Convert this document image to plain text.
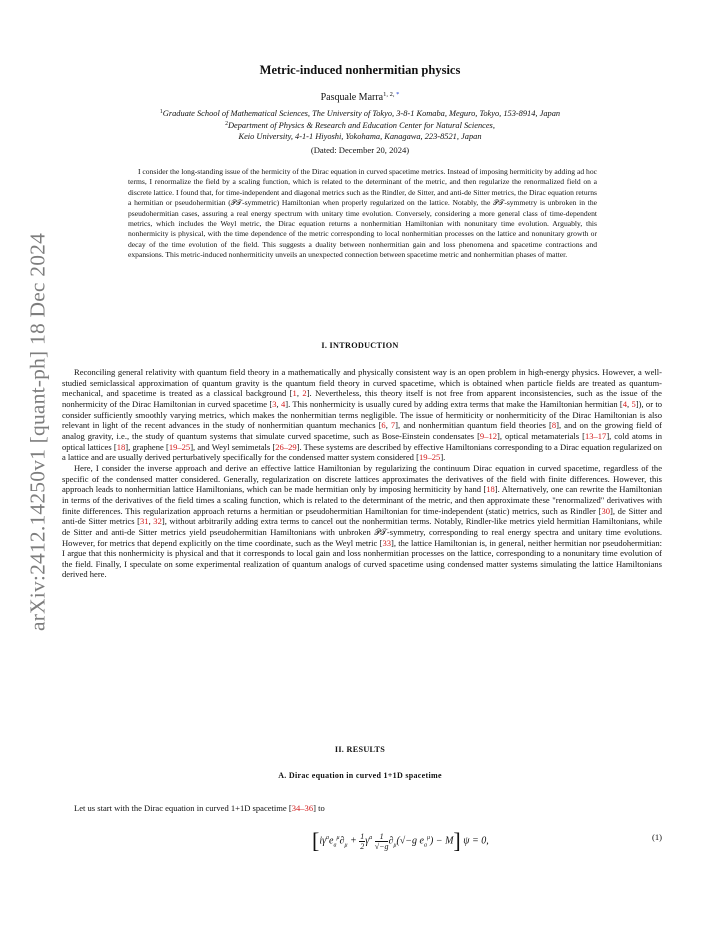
arXiv:2412.14250v1 [quant-ph] 18 Dec 2024
Metric-induced nonhermitian physics
Pasquale Marra$^{1, 2, *}$
$^1$Graduate School of Mathematical Sciences, The University of Tokyo, 3-8-1 Komaba, Meguro, Tokyo, 153-8914, Japan
$^2$Department of Physics & Research and Education Center for Natural Sciences,
Keio University, 4-1-1 Hiyoshi, Yokohama, Kanagawa, 223-8521, Japan
(Dated: December 20, 2024)
I consider the long-standing issue of the hermicity of the Dirac equation in curved spacetime metrics. Instead of imposing hermiticity by adding ad hoc terms, I renormalize the field by a scaling function, which is related to the determinant of the metric, and then regularize the renormalized field on a discrete lattice. I found that, for time-independent and diagonal metrics such as the Rindler, de Sitter, and anti-de Sitter metrics, the Dirac equation returns a hermitian or pseudohermitian (𝒫𝒯-symmetric) Hamiltonian when properly regularized on the lattice. Notably, the 𝒫𝒯-symmetry is unbroken in the pseudohermitian cases, assuring a real energy spectrum with unitary time evolution. Conversely, considering a more general class of time-dependent metrics, which includes the Weyl metric, the Dirac equation returns a nonhermitian Hamiltonian with nonunitary time evolution. Arguably, this nonhermicity is physical, with the time dependence of the metric corresponding to local nonhermitian processes on the lattice and nonunitary growth or decay of the time evolution of the field. This suggests a duality between nonhermitian gain and loss phenomena and spacetime contractions and expansions. This metric-induced nonhermiticity unveils an unexpected connection between spacetime metric and nonhermitian phases of matter.
I. INTRODUCTION

Reconciling general relativity with quantum field theory in a mathematically and physically consistent way is an open problem in high-energy physics. However, a well-studied semiclassical approximation of quantum gravity is the quantum field theory in curved spacetime, which is obtained when particle fields are treated as quantum-mechanical, and spacetime is treated as a classical background [1, 2]. Nevertheless, this theory itself is not free from apparent inconsistencies, such as the issue of the nonhermicity of the Dirac Hamiltonian in curved spacetime [3, 4]. This nonhermicity is usually cured by adding extra terms that make the Hamiltonian hermitian [4, 5]), or to consider sufficiently smoothly varying metrics, which makes the nonhermitian terms negligible. The issue of hermiticity or nonhermiticity of the Dirac Hamiltonian is also relevant in light of the recent advances in the study of nonhermitian quantum mechanics [6, 7], and nonhermitian quantum field theories [8], and on the growing field of analog gravity, i.e., the study of quantum systems that simulate curved spacetime, such as Bose-Einstein condensates [9–12], optical metamaterials [13–17], cold atoms in optical lattices [18], graphene [19–25], and Weyl semimetals [26–29]. These systems are described by effective Hamiltonians corresponding to a Dirac equation regularized on a lattice and are usually derived perturbatively specifically for the condensed matter system considered [19–25].

Here, I consider the inverse approach and derive an effective lattice Hamiltonian by regularizing the continuum Dirac equation in curved spacetime, regardless of the specific of the condensed matter considered. Generally, regularization on discrete lattices approximates the derivatives of the field with finite differences. However, this approach leads to nonhermitian lattice Hamiltonians, which can be made hermitian only by imposing hermiticity by hand [18]. Alternatively, one can rewrite the Hamiltonian in terms of the derivatives of the field times a scaling function, which is related to the determinant of the metric, and then approximate these "renormalized" derivatives with finite differences. This regularization approach returns a hermitian or pseudohermitian Hamiltonian for time-independent (static) metrics, such as Rindler [30], de Sitter and anti-de Sitter metrics [31, 32], without arbitrarily adding extra terms to cancel out the nonhermitian terms. Notably, Rindler-like metrics yield hermitian Hamiltonians, while de Sitter and anti-de Sitter metrics yield pseudohermitian Hamiltonians with unbroken 𝒫𝒯-symmetry, corresponding to real energy spectra and unitary time evolutions. However, for metrics that depend explicitly on the time coordinate, such as the Weyl metric [33], the lattice Hamiltonian is, in general, neither hermitian nor pseudohermitian: I argue that this nonhermicity is physical and that it corresponds to local gain and loss nonhermitian processes on the lattice, corresponding to a nonunitary time evolution of the field. Finally, I speculate on some experimental realization of quantum analogs of curved spacetime using condensed matter systems simulating the lattice Hamiltonians derived here.

II. RESULTS
A. Dirac equation in curved 1+1D spacetime

Let us start with the Dirac equation in curved 1+1D spacetime [34–36] to

[$i\gamma^ae_a^\mu\partial_\mu + \frac{1}{2} \gamma^a \frac{1}{√-g} \partial_\mu(√-g$ $e_a^\mu) - M$] ψ = 0,	(1)
